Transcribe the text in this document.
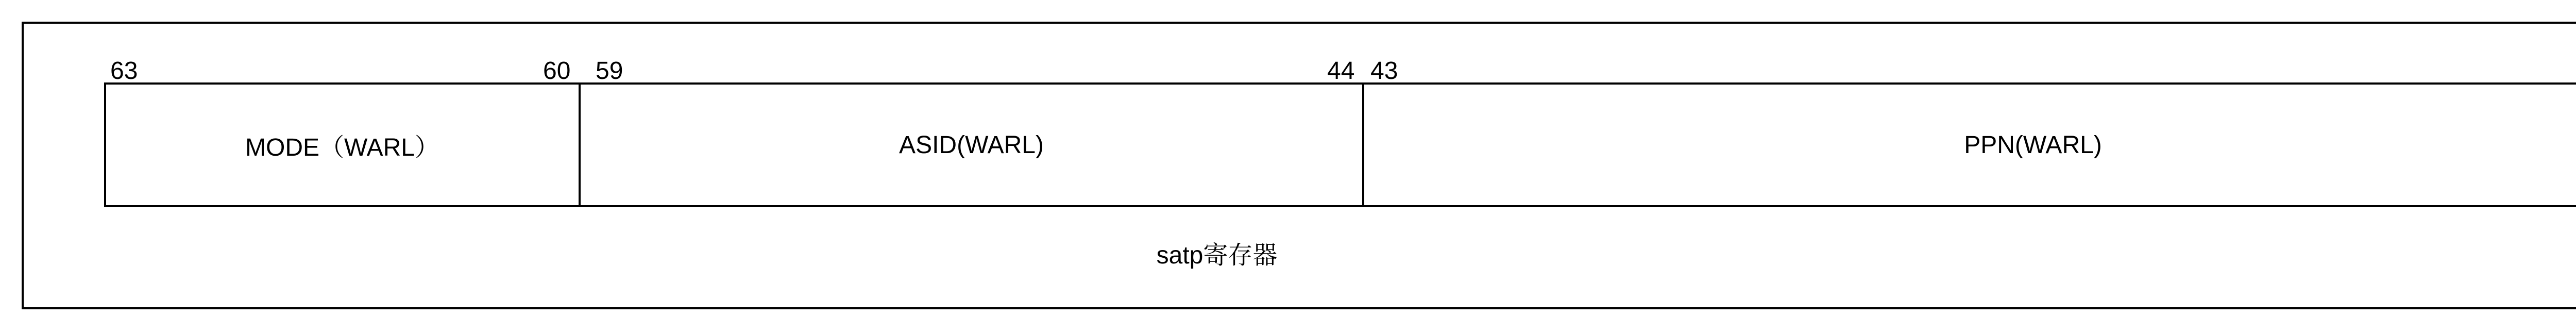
63	60 59	44 43
MODE（WARL）	ASID(WARL)	PPN(WARL)
satp寄存器
